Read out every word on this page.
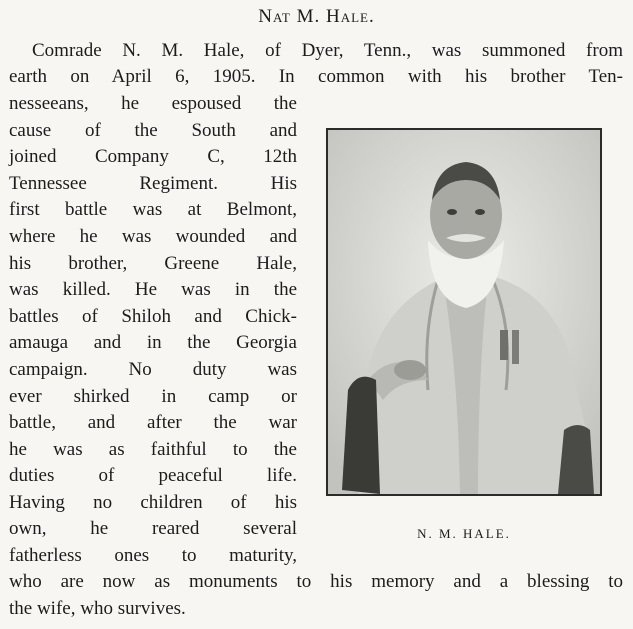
Nat M. Hale.
Comrade N. M. Hale, of Dyer, Tenn., was summoned from
earth on April 6, 1905. In common with his brother Ten-
nesseeans, he espoused the
cause of the South and
joined Company C, 12th
Tennessee Regiment. His
first battle was at Belmont,
where he was wounded and
his brother, Greene Hale,
was killed. He was in the
battles of Shiloh and Chick-
amauga and in the Georgia
campaign. No duty was
ever shirked in camp or
battle, and after the war
he was as faithful to the
duties of peaceful life.
Having no children of his
own, he reared several
fatherless ones to maturity,
who are now as monuments to his memory and a blessing to
the wife, who survives.
N. M. HALE.
